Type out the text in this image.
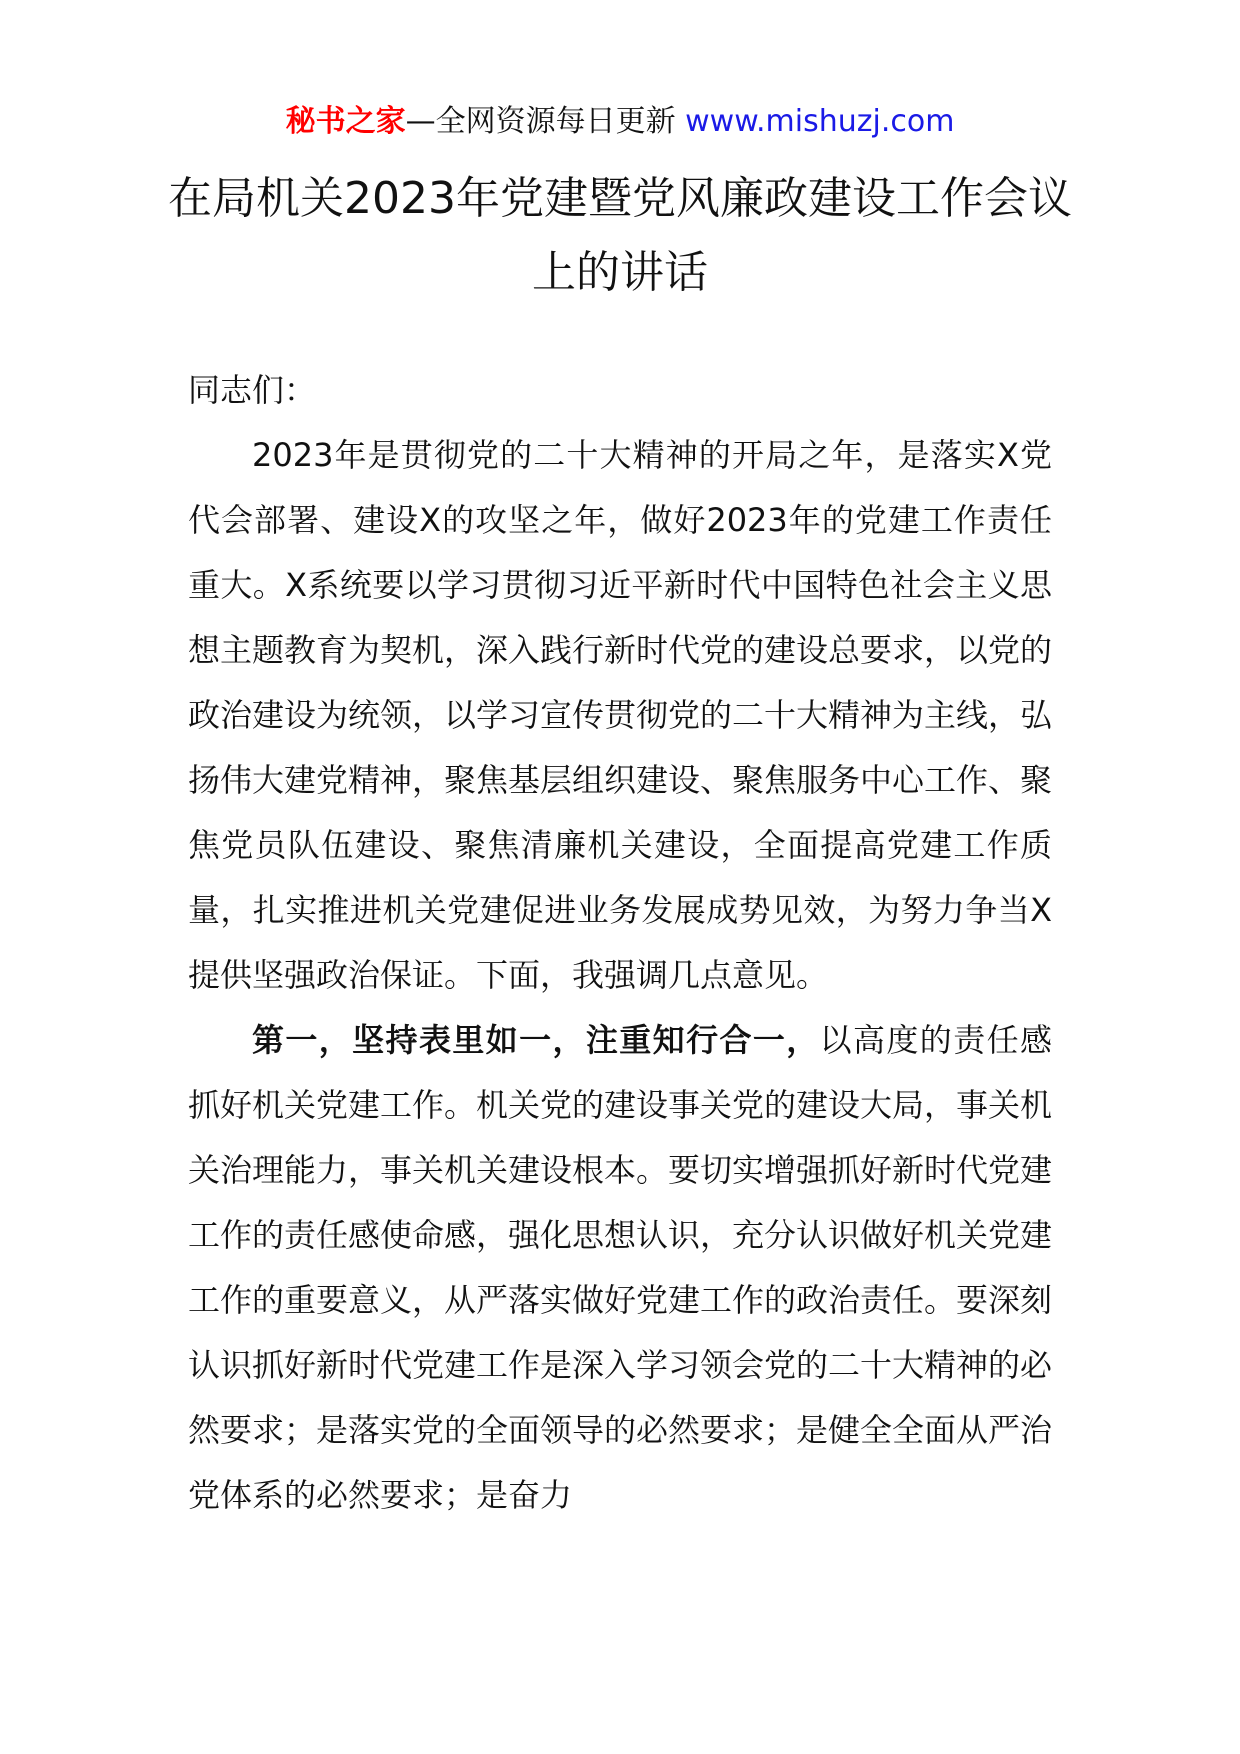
秘书之家—全网资源每日更新 www.mishuzj.com
在局机关2023年党建暨党风廉政建设工作会议上的讲话

同志们：

2023年是贯彻党的二十大精神的开局之年，是落实X党代会部署、建设X的攻坚之年，做好2023年的党建工作责任重大。X系统要以学习贯彻习近平新时代中国特色社会主义思想主题教育为契机，深入践行新时代党的建设总要求，以党的政治建设为统领，以学习宣传贯彻党的二十大精神为主线，弘扬伟大建党精神，聚焦基层组织建设、聚焦服务中心工作、聚焦党员队伍建设、聚焦清廉机关建设，全面提高党建工作质量，扎实推进机关党建促进业务发展成势见效，为努力争当X提供坚强政治保证。下面，我强调几点意见。

第一，坚持表里如一，注重知行合一，以高度的责任感抓好机关党建工作。机关党的建设事关党的建设大局，事关机关治理能力，事关机关建设根本。要切实增强抓好新时代党建工作的责任感使命感，强化思想认识，充分认识做好机关党建工作的重要意义，从严落实做好党建工作的政治责任。要深刻认识抓好新时代党建工作是深入学习领会党的二十大精神的必然要求；是落实党的全面领导的必然要求；是健全全面从严治党体系的必然要求；是奋力
